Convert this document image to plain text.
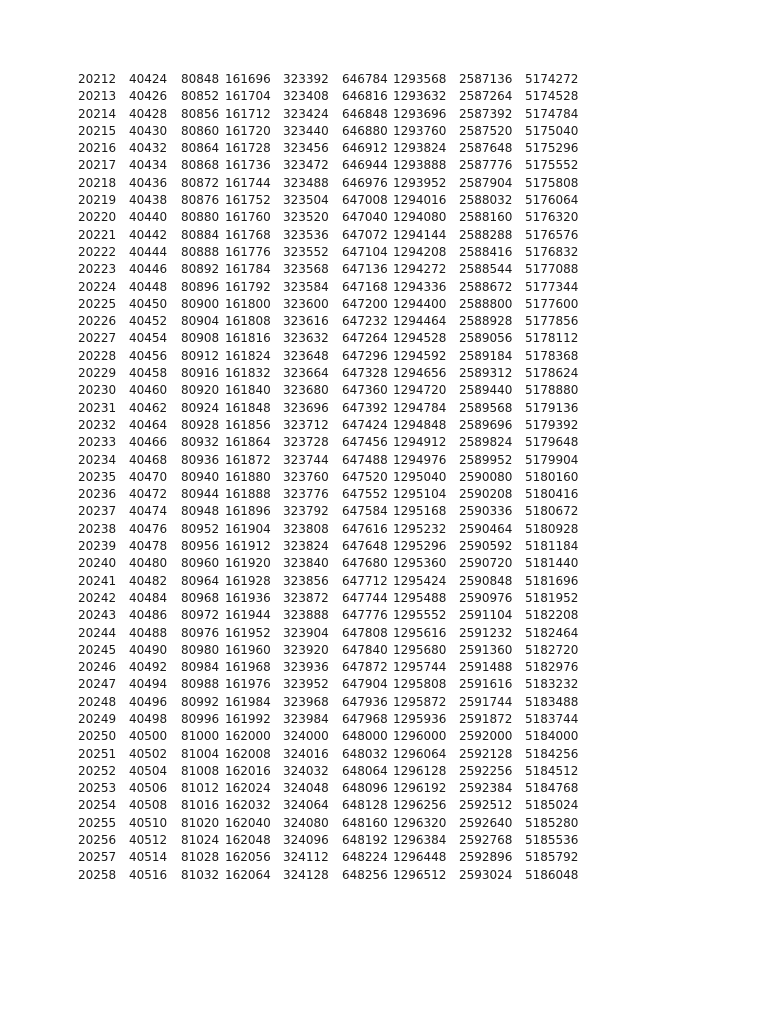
20212 40424 80848 161696 323392 646784 1293568 2587136 5174272
20213 40426 80852 161704 323408 646816 1293632 2587264 5174528
20214 40428 80856 161712 323424 646848 1293696 2587392 5174784
20215 40430 80860 161720 323440 646880 1293760 2587520 5175040
20216 40432 80864 161728 323456 646912 1293824 2587648 5175296
20217 40434 80868 161736 323472 646944 1293888 2587776 5175552
20218 40436 80872 161744 323488 646976 1293952 2587904 5175808
20219 40438 80876 161752 323504 647008 1294016 2588032 5176064
20220 40440 80880 161760 323520 647040 1294080 2588160 5176320
20221 40442 80884 161768 323536 647072 1294144 2588288 5176576
20222 40444 80888 161776 323552 647104 1294208 2588416 5176832
20223 40446 80892 161784 323568 647136 1294272 2588544 5177088
20224 40448 80896 161792 323584 647168 1294336 2588672 5177344
20225 40450 80900 161800 323600 647200 1294400 2588800 5177600
20226 40452 80904 161808 323616 647232 1294464 2588928 5177856
20227 40454 80908 161816 323632 647264 1294528 2589056 5178112
20228 40456 80912 161824 323648 647296 1294592 2589184 5178368
20229 40458 80916 161832 323664 647328 1294656 2589312 5178624
20230 40460 80920 161840 323680 647360 1294720 2589440 5178880
20231 40462 80924 161848 323696 647392 1294784 2589568 5179136
20232 40464 80928 161856 323712 647424 1294848 2589696 5179392
20233 40466 80932 161864 323728 647456 1294912 2589824 5179648
20234 40468 80936 161872 323744 647488 1294976 2589952 5179904
20235 40470 80940 161880 323760 647520 1295040 2590080 5180160
20236 40472 80944 161888 323776 647552 1295104 2590208 5180416
20237 40474 80948 161896 323792 647584 1295168 2590336 5180672
20238 40476 80952 161904 323808 647616 1295232 2590464 5180928
20239 40478 80956 161912 323824 647648 1295296 2590592 5181184
20240 40480 80960 161920 323840 647680 1295360 2590720 5181440
20241 40482 80964 161928 323856 647712 1295424 2590848 5181696
20242 40484 80968 161936 323872 647744 1295488 2590976 5181952
20243 40486 80972 161944 323888 647776 1295552 2591104 5182208
20244 40488 80976 161952 323904 647808 1295616 2591232 5182464
20245 40490 80980 161960 323920 647840 1295680 2591360 5182720
20246 40492 80984 161968 323936 647872 1295744 2591488 5182976
20247 40494 80988 161976 323952 647904 1295808 2591616 5183232
20248 40496 80992 161984 323968 647936 1295872 2591744 5183488
20249 40498 80996 161992 323984 647968 1295936 2591872 5183744
20250 40500 81000 162000 324000 648000 1296000 2592000 5184000
20251 40502 81004 162008 324016 648032 1296064 2592128 5184256
20252 40504 81008 162016 324032 648064 1296128 2592256 5184512
20253 40506 81012 162024 324048 648096 1296192 2592384 5184768
20254 40508 81016 162032 324064 648128 1296256 2592512 5185024
20255 40510 81020 162040 324080 648160 1296320 2592640 5185280
20256 40512 81024 162048 324096 648192 1296384 2592768 5185536
20257 40514 81028 162056 324112 648224 1296448 2592896 5185792
20258 40516 81032 162064 324128 648256 1296512 2593024 5186048
